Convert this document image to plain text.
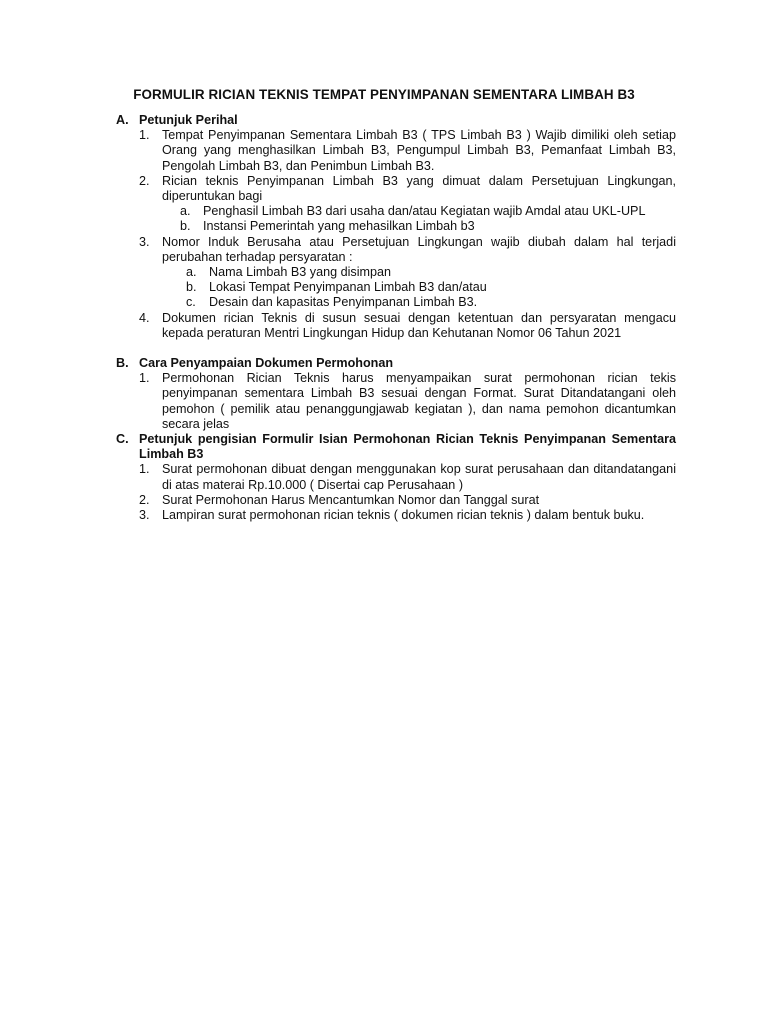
FORMULIR RICIAN TEKNIS TEMPAT PENYIMPANAN SEMENTARA LIMBAH B3
A. Petunjuk Perihal
1. Tempat Penyimpanan Sementara Limbah B3 ( TPS Limbah B3 ) Wajib dimiliki oleh setiap Orang yang menghasilkan Limbah B3, Pengumpul Limbah B3, Pemanfaat Limbah B3, Pengolah Limbah B3, dan Penimbun Limbah B3.
2. Rician teknis Penyimpanan Limbah B3 yang dimuat dalam Persetujuan Lingkungan, diperuntukan bagi
a. Penghasil Limbah B3 dari usaha dan/atau Kegiatan wajib Amdal atau UKL-UPL
b. Instansi Pemerintah yang mehasilkan Limbah b3
3. Nomor Induk Berusaha atau Persetujuan Lingkungan wajib diubah dalam hal terjadi perubahan terhadap persyaratan :
a. Nama Limbah B3 yang disimpan
b. Lokasi Tempat Penyimpanan Limbah B3 dan/atau
c. Desain dan kapasitas Penyimpanan Limbah B3.
4. Dokumen rician Teknis di susun sesuai dengan ketentuan dan persyaratan mengacu kepada peraturan Mentri Lingkungan Hidup dan Kehutanan Nomor 06 Tahun 2021
B. Cara Penyampaian Dokumen Permohonan
1. Permohonan Rician Teknis harus menyampaikan surat permohonan rician tekis penyimpanan sementara Limbah B3 sesuai dengan Format. Surat Ditandatangani oleh pemohon ( pemilik atau penanggungjawab kegiatan ), dan nama pemohon dicantumkan secara jelas
C. Petunjuk pengisian Formulir Isian Permohonan Rician Teknis Penyimpanan Sementara Limbah B3
1. Surat permohonan dibuat dengan menggunakan kop surat perusahaan dan ditandatangani di atas materai Rp.10.000 ( Disertai cap Perusahaan )
2. Surat Permohonan Harus Mencantumkan Nomor dan Tanggal surat
3. Lampiran surat permohonan rician teknis ( dokumen rician teknis ) dalam bentuk buku.
